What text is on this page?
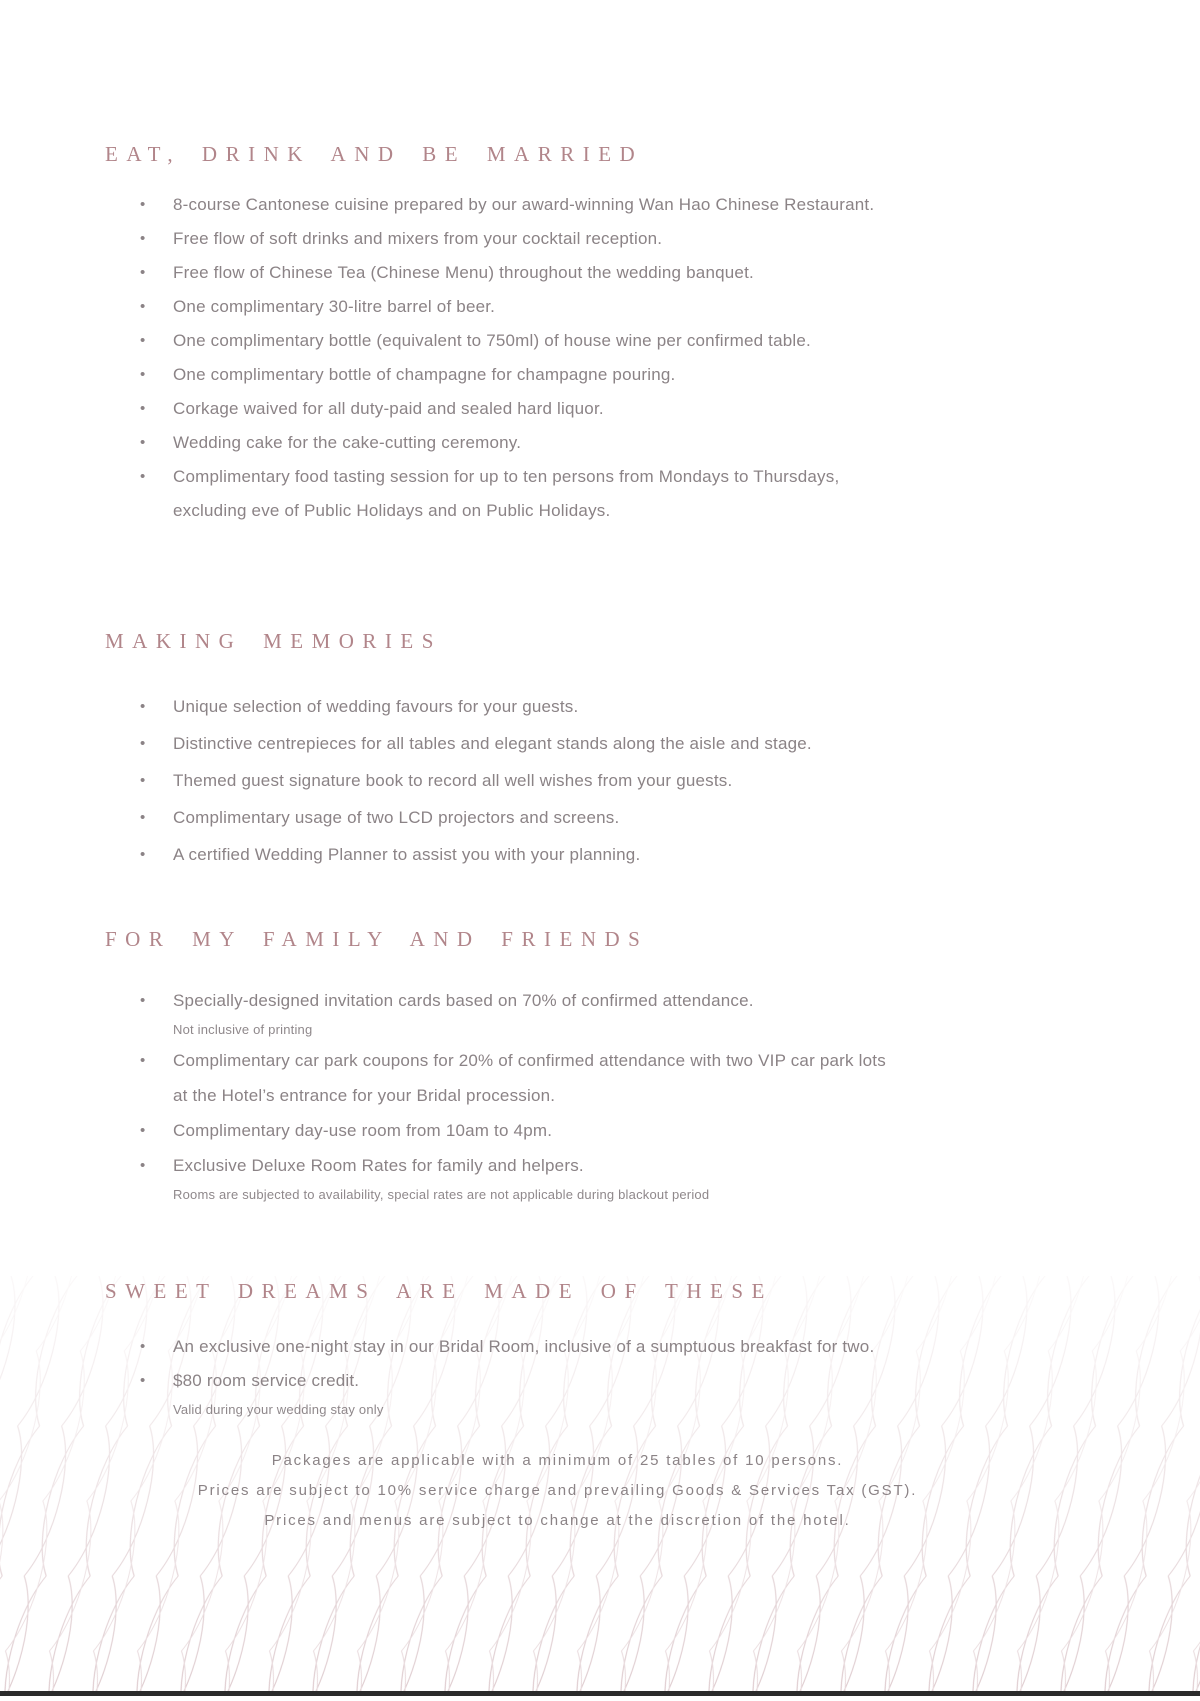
EAT, DRINK AND BE MARRIED
•	8-course Cantonese cuisine prepared by our award-winning Wan Hao Chinese Restaurant.
•	Free flow of soft drinks and mixers from your cocktail reception.
•	Free flow of Chinese Tea (Chinese Menu) throughout the wedding banquet.
•	One complimentary 30-litre barrel of beer.
•	One complimentary bottle (equivalent to 750ml) of house wine per confirmed table.
•	One complimentary bottle of champagne for champagne pouring.
•	Corkage waived for all duty-paid and sealed hard liquor.
•	Wedding cake for the cake-cutting ceremony.
•	Complimentary food tasting session for up to ten persons from Mondays to Thursdays,
excluding eve of Public Holidays and on Public Holidays.
MAKING MEMORIES
•	Unique selection of wedding favours for your guests.
•	Distinctive centrepieces for all tables and elegant stands along the aisle and stage.
•	Themed guest signature book to record all well wishes from your guests.
•	Complimentary usage of two LCD projectors and screens.
•	A certified Wedding Planner to assist you with your planning.
FOR MY FAMILY AND FRIENDS
•	Specially-designed invitation cards based on 70% of confirmed attendance.
Not inclusive of printing
•	Complimentary car park coupons for 20% of confirmed attendance with two VIP car park lots
at the Hotel’s entrance for your Bridal procession.
•	Complimentary day-use room from 10am to 4pm.
•	Exclusive Deluxe Room Rates for family and helpers.
Rooms are subjected to availability, special rates are not applicable during blackout period
SWEET DREAMS ARE MADE OF THESE
•	An exclusive one-night stay in our Bridal Room, inclusive of a sumptuous breakfast for two.
•	$80 room service credit.
Valid during your wedding stay only
Packages are applicable with a minimum of 25 tables of 10 persons.
Prices are subject to 10% service charge and prevailing Goods & Services Tax (GST).
Prices and menus are subject to change at the discretion of the hotel.
